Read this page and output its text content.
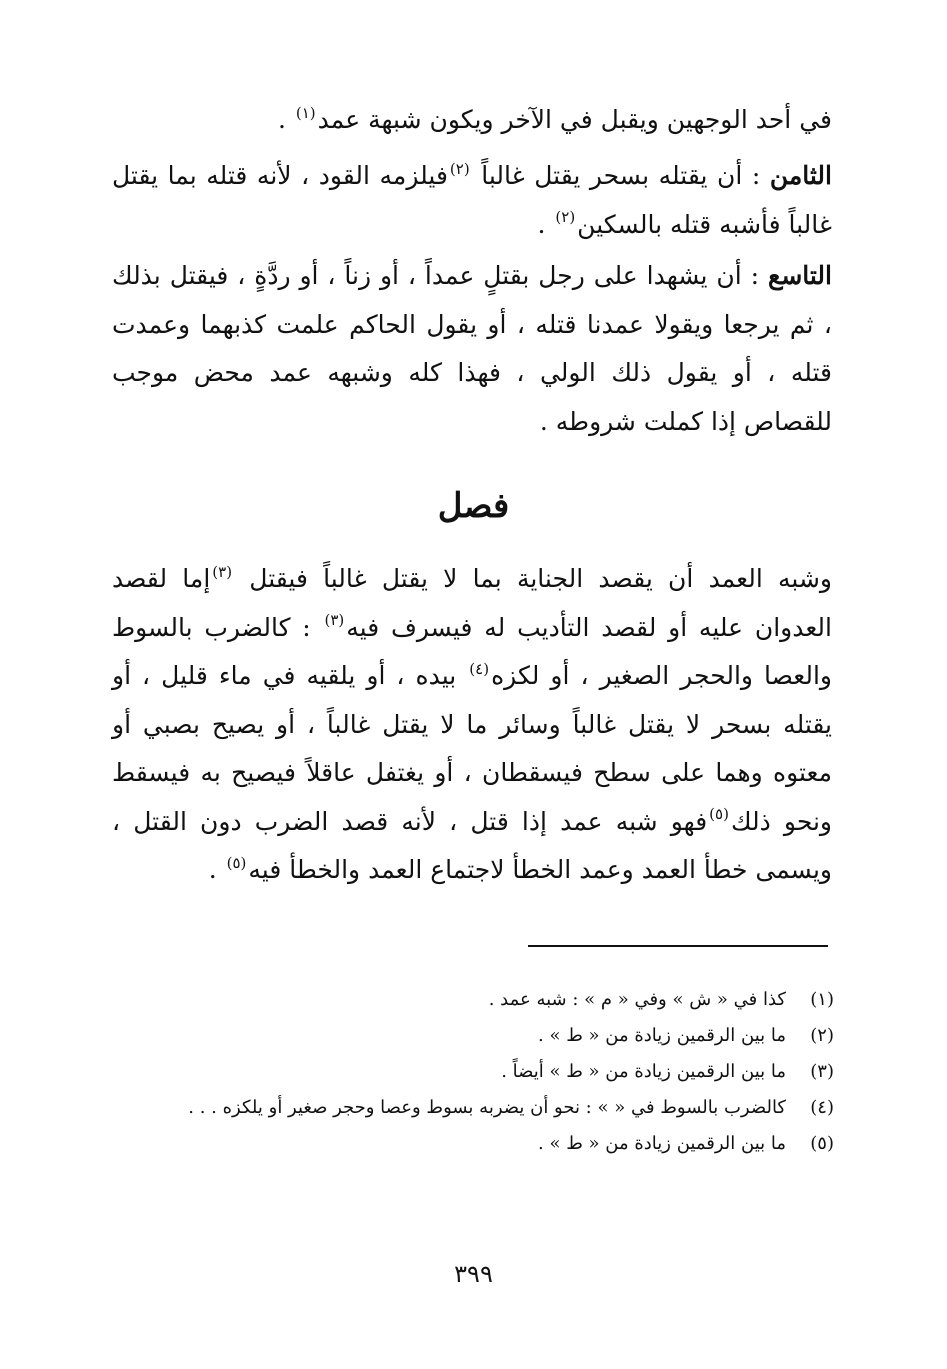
في أحد الوجهين ويقبل في الآخر ويكون شبهة عمد$^{(١)}$ .

الثامن : أن يقتله بسحر يقتل غالباً $^{(٢)}$فيلزمه القود ، لأنه قتله بما يقتل غالباً فأشبه قتله بالسكين$^{(٢)}$ .

التاسع : أن يشهدا على رجل بقتلٍ عمداً ، أو زناً ، أو ردَّةٍ ، فيقتل بذلك ، ثم يرجعا ويقولا عمدنا قتله ، أو يقول الحاكم علمت كذبهما وعمدت قتله ، أو يقول ذلك الولي ، فهذا كله وشبهه عمد محض موجب للقصاص إذا كملت شروطه .

فصل

وشبه العمد أن يقصد الجناية بما لا يقتل غالباً فيقتل $^{(٣)}$إما لقصد العدوان عليه أو لقصد التأديب له فيسرف فيه$^{(٣)}$ : كالضرب بالسوط والعصا والحجر الصغير ، أو لكزه$^{(٤)}$ بيده ، أو يلقيه في ماء قليل ، أو يقتله بسحر لا يقتل غالباً وسائر ما لا يقتل غالباً ، أو يصيح بصبي أو معتوه وهما على سطح فيسقطان ، أو يغتفل عاقلاً فيصيح به فيسقط ونحو ذلك$^{(٥)}$فهو شبه عمد إذا قتل ، لأنه قصد الضرب دون القتل ، ويسمى خطأ العمد وعمد الخطأ لاجتماع العمد والخطأ فيه$^{(٥)}$ .

(١)
كذا في « ش » وفي « م » : شبه عمد .
(٢)
ما بين الرقمين زيادة من « ط » .
(٣)
ما بين الرقمين زيادة من « ط » أيضاً .
(٤)
كالضرب بالسوط في « » : نحو أن يضربه بسوط وعصا وحجر صغير أو يلكزه . . .
(٥)
ما بين الرقمين زيادة من « ط » .
٣٩٩
